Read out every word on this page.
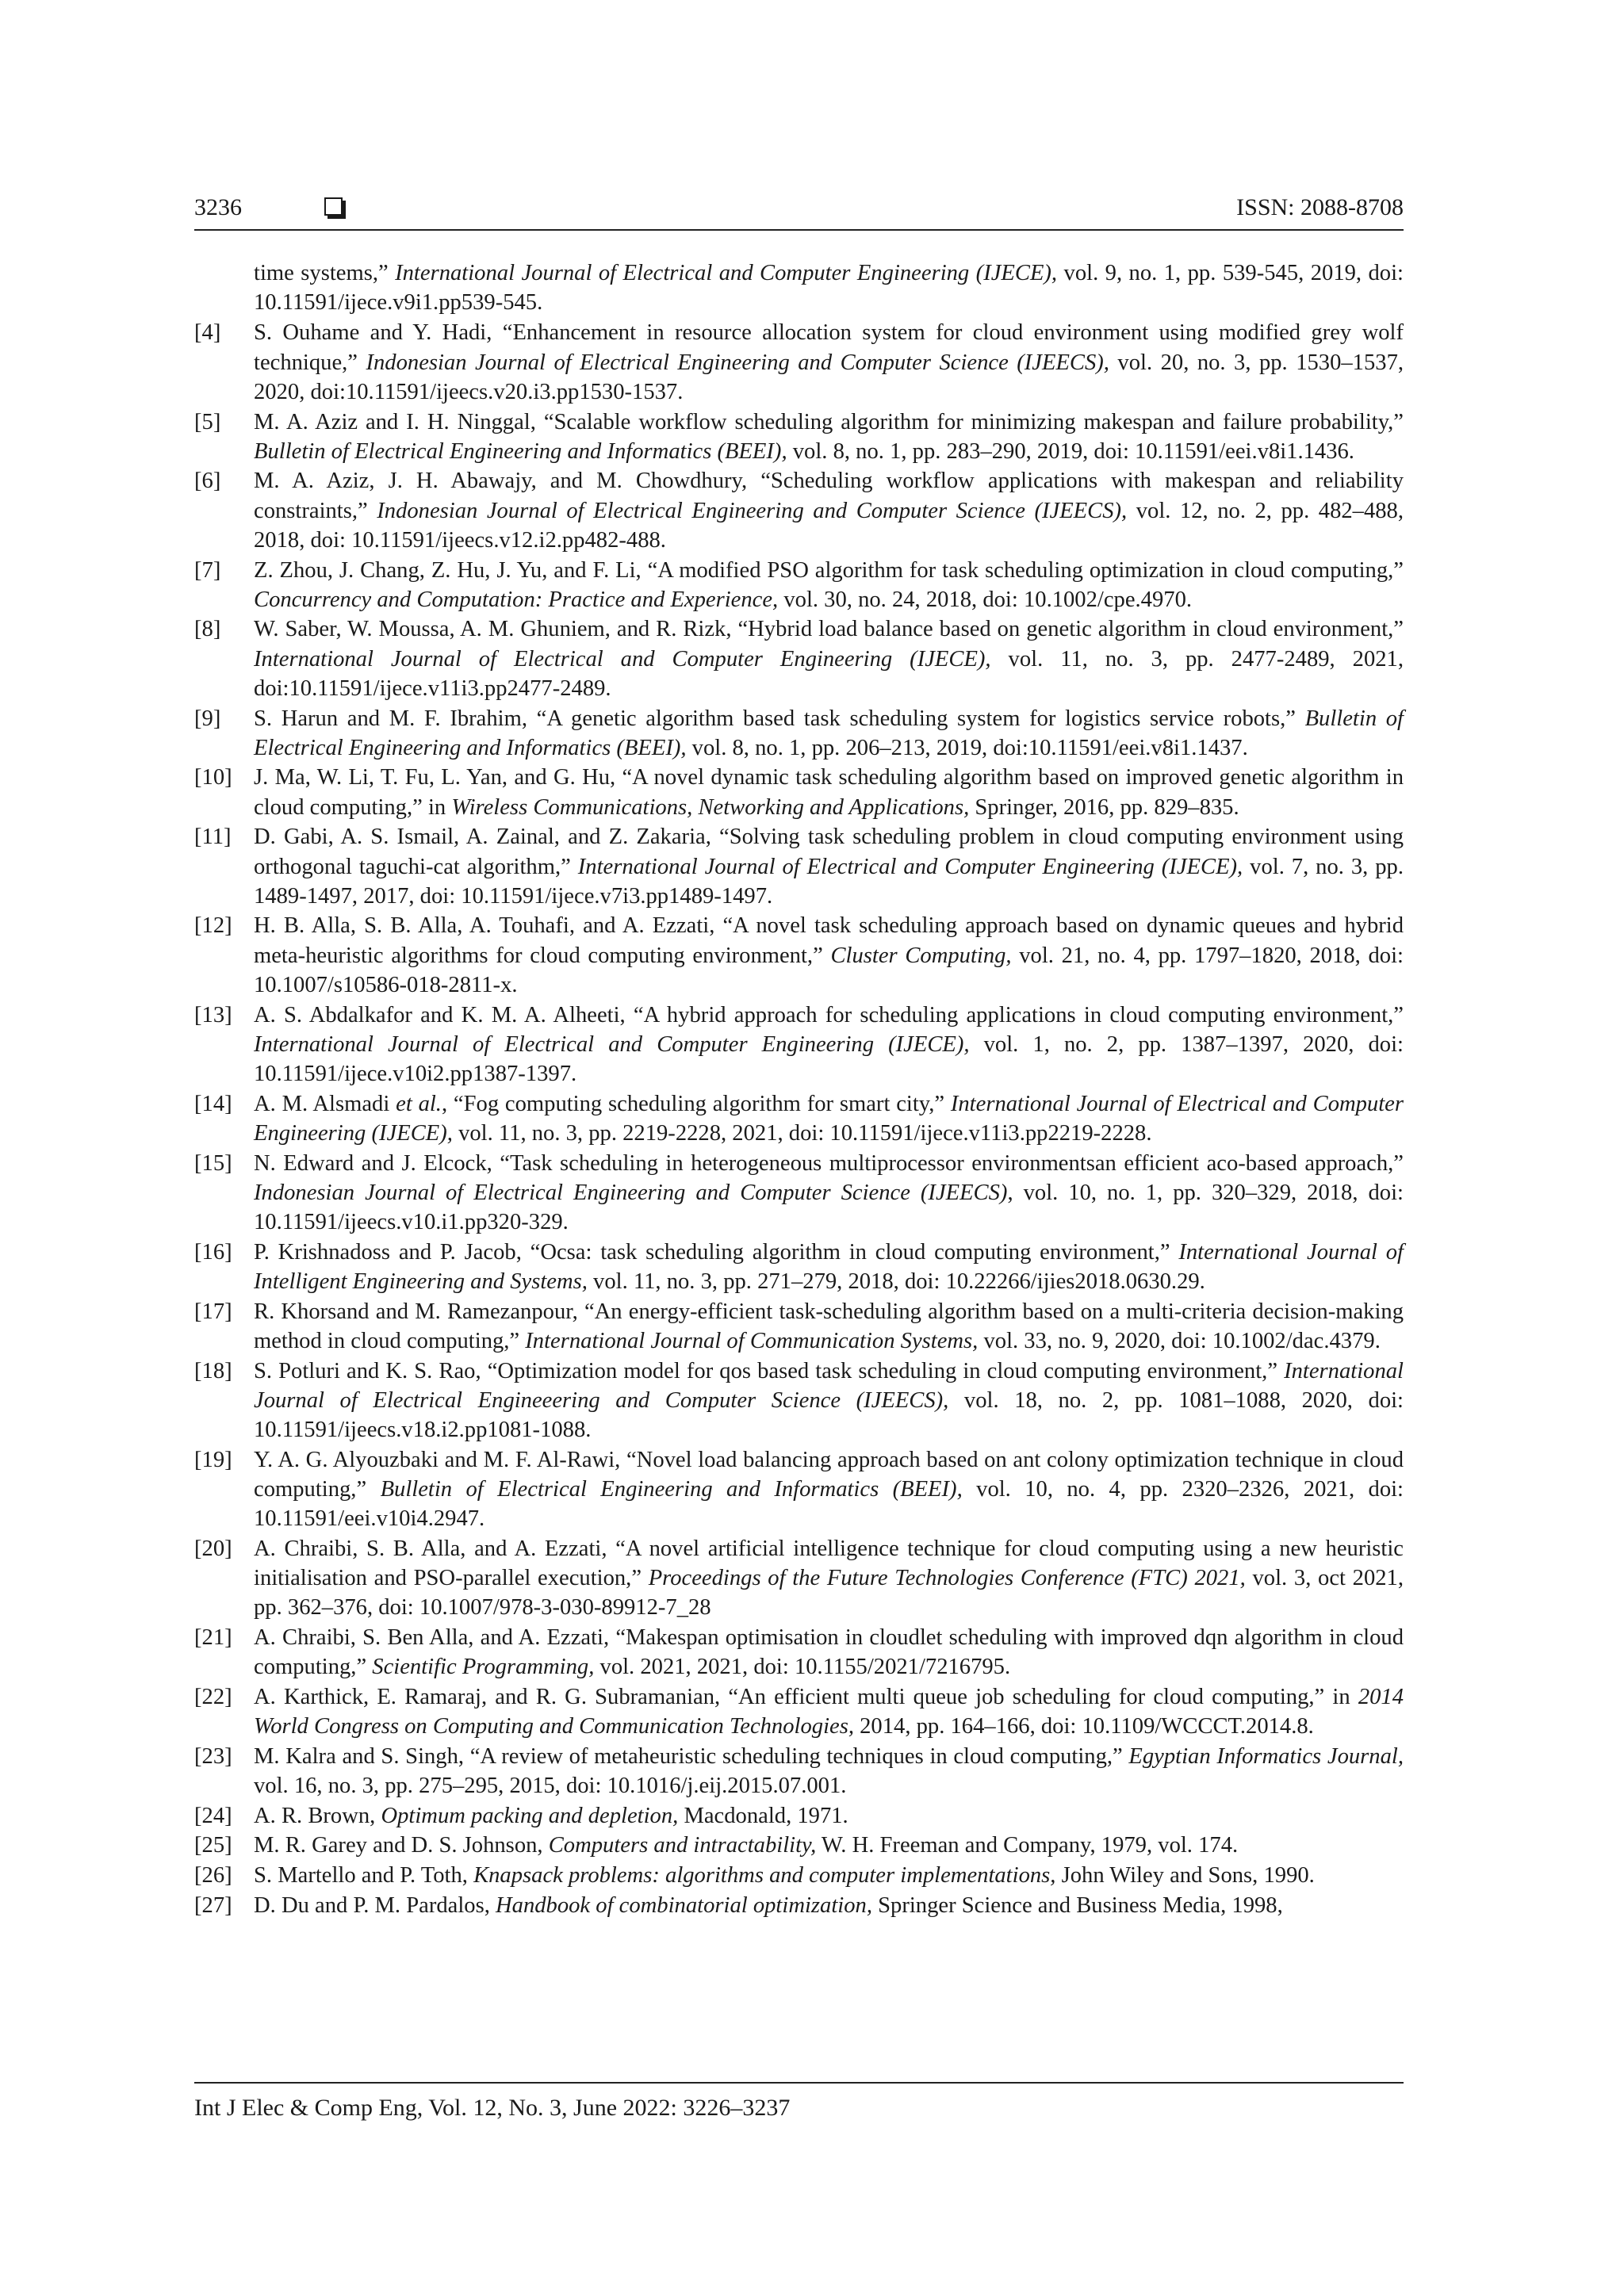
3236	ISSN: 2088-8708
time systems,” International Journal of Electrical and Computer Engineering (IJECE), vol. 9, no. 1, pp. 539-545, 2019, doi: 10.11591/ijece.v9i1.pp539-545.
[4] S. Ouhame and Y. Hadi, “Enhancement in resource allocation system for cloud environment using modified grey wolf technique,” Indonesian Journal of Electrical Engineering and Computer Science (IJEECS), vol. 20, no. 3, pp. 1530–1537, 2020, doi:10.11591/ijeecs.v20.i3.pp1530-1537.
[5] M. A. Aziz and I. H. Ninggal, “Scalable workflow scheduling algorithm for minimizing makespan and failure probability,” Bulletin of Electrical Engineering and Informatics (BEEI), vol. 8, no. 1, pp. 283–290, 2019, doi: 10.11591/eei.v8i1.1436.
[6] M. A. Aziz, J. H. Abawajy, and M. Chowdhury, “Scheduling workflow applications with makespan and reliability constraints,” Indonesian Journal of Electrical Engineering and Computer Science (IJEECS), vol. 12, no. 2, pp. 482–488, 2018, doi: 10.11591/ijeecs.v12.i2.pp482-488.
[7] Z. Zhou, J. Chang, Z. Hu, J. Yu, and F. Li, “A modified PSO algorithm for task scheduling optimization in cloud computing,” Concurrency and Computation: Practice and Experience, vol. 30, no. 24, 2018, doi: 10.1002/cpe.4970.
[8] W. Saber, W. Moussa, A. M. Ghuniem, and R. Rizk, “Hybrid load balance based on genetic algorithm in cloud environment,” International Journal of Electrical and Computer Engineering (IJECE), vol. 11, no. 3, pp. 2477-2489, 2021, doi:10.11591/ijece.v11i3.pp2477-2489.
[9] S. Harun and M. F. Ibrahim, “A genetic algorithm based task scheduling system for logistics service robots,” Bulletin of Electrical Engineering and Informatics (BEEI), vol. 8, no. 1, pp. 206–213, 2019, doi:10.11591/eei.v8i1.1437.
[10] J. Ma, W. Li, T. Fu, L. Yan, and G. Hu, “A novel dynamic task scheduling algorithm based on improved genetic algorithm in cloud computing,” in Wireless Communications, Networking and Applications, Springer, 2016, pp. 829–835.
[11] D. Gabi, A. S. Ismail, A. Zainal, and Z. Zakaria, “Solving task scheduling problem in cloud computing environment using orthogonal taguchi-cat algorithm,” International Journal of Electrical and Computer Engineering (IJECE), vol. 7, no. 3, pp. 1489-1497, 2017, doi: 10.11591/ijece.v7i3.pp1489-1497.
[12] H. B. Alla, S. B. Alla, A. Touhafi, and A. Ezzati, “A novel task scheduling approach based on dynamic queues and hybrid meta-heuristic algorithms for cloud computing environment,” Cluster Computing, vol. 21, no. 4, pp. 1797–1820, 2018, doi: 10.1007/s10586-018-2811-x.
[13] A. S. Abdalkafor and K. M. A. Alheeti, “A hybrid approach for scheduling applications in cloud computing environment,” International Journal of Electrical and Computer Engineering (IJECE), vol. 1, no. 2, pp. 1387–1397, 2020, doi: 10.11591/ijece.v10i2.pp1387-1397.
[14] A. M. Alsmadi et al., “Fog computing scheduling algorithm for smart city,” International Journal of Electrical and Computer Engineering (IJECE), vol. 11, no. 3, pp. 2219-2228, 2021, doi: 10.11591/ijece.v11i3.pp2219-2228.
[15] N. Edward and J. Elcock, “Task scheduling in heterogeneous multiprocessor environmentsan efficient aco-based approach,” Indonesian Journal of Electrical Engineering and Computer Science (IJEECS), vol. 10, no. 1, pp. 320–329, 2018, doi: 10.11591/ijeecs.v10.i1.pp320-329.
[16] P. Krishnadoss and P. Jacob, “Ocsa: task scheduling algorithm in cloud computing environment,” International Journal of Intelligent Engineering and Systems, vol. 11, no. 3, pp. 271–279, 2018, doi: 10.22266/ijies2018.0630.29.
[17] R. Khorsand and M. Ramezanpour, “An energy-efficient task-scheduling algorithm based on a multi-criteria decision-making method in cloud computing,” International Journal of Communication Systems, vol. 33, no. 9, 2020, doi: 10.1002/dac.4379.
[18] S. Potluri and K. S. Rao, “Optimization model for qos based task scheduling in cloud computing environment,” International Journal of Electrical Engineeering and Computer Science (IJEECS), vol. 18, no. 2, pp. 1081–1088, 2020, doi: 10.11591/ijeecs.v18.i2.pp1081-1088.
[19] Y. A. G. Alyouzbaki and M. F. Al-Rawi, “Novel load balancing approach based on ant colony optimization technique in cloud computing,” Bulletin of Electrical Engineering and Informatics (BEEI), vol. 10, no. 4, pp. 2320–2326, 2021, doi: 10.11591/eei.v10i4.2947.
[20] A. Chraibi, S. B. Alla, and A. Ezzati, “A novel artificial intelligence technique for cloud computing using a new heuristic initialisation and PSO-parallel execution,” Proceedings of the Future Technologies Conference (FTC) 2021, vol. 3, oct 2021, pp. 362–376, doi: 10.1007/978-3-030-89912-7_28
[21] A. Chraibi, S. Ben Alla, and A. Ezzati, “Makespan optimisation in cloudlet scheduling with improved dqn algorithm in cloud computing,” Scientific Programming, vol. 2021, 2021, doi: 10.1155/2021/7216795.
[22] A. Karthick, E. Ramaraj, and R. G. Subramanian, “An efficient multi queue job scheduling for cloud computing,” in 2014 World Congress on Computing and Communication Technologies, 2014, pp. 164–166, doi: 10.1109/WCCCT.2014.8.
[23] M. Kalra and S. Singh, “A review of metaheuristic scheduling techniques in cloud computing,” Egyptian Informatics Journal, vol. 16, no. 3, pp. 275–295, 2015, doi: 10.1016/j.eij.2015.07.001.
[24] A. R. Brown, Optimum packing and depletion, Macdonald, 1971.
[25] M. R. Garey and D. S. Johnson, Computers and intractability, W. H. Freeman and Company, 1979, vol. 174.
[26] S. Martello and P. Toth, Knapsack problems: algorithms and computer implementations, John Wiley and Sons, 1990.
[27] D. Du and P. M. Pardalos, Handbook of combinatorial optimization, Springer Science and Business Media, 1998,
Int J Elec & Comp Eng, Vol. 12, No. 3, June 2022: 3226–3237
